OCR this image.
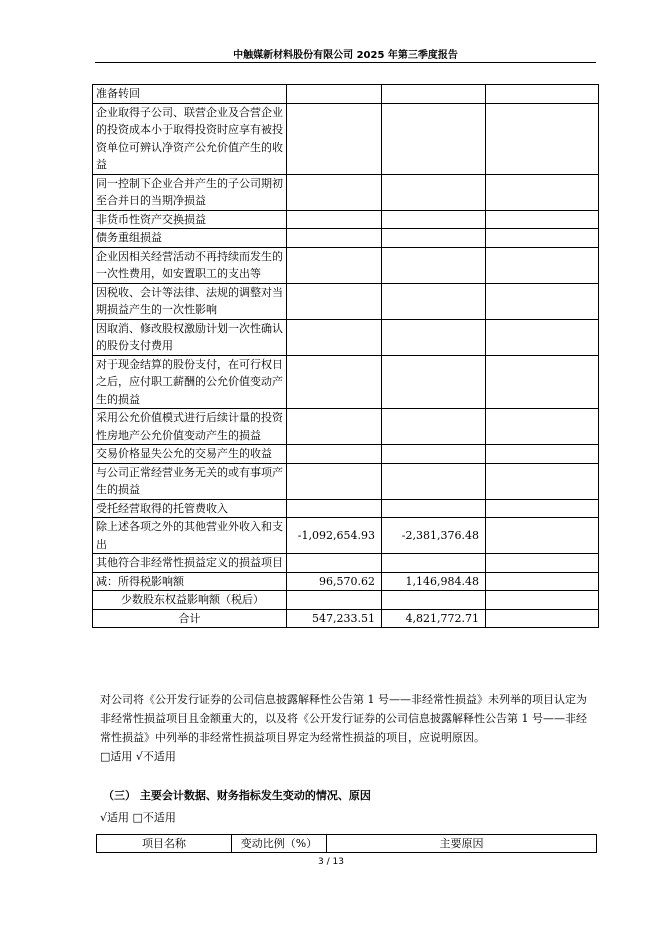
中触媒新材料股份有限公司 2025 年第三季度报告
准备转回			
企业取得子公司、联营企业及合营企业的投资成本小于取得投资时应享有被投资单位可辨认净资产公允价值产生的收益			
同一控制下企业合并产生的子公司期初至合并日的当期净损益			
非货币性资产交换损益			
债务重组损益			
企业因相关经营活动不再持续而发生的一次性费用，如安置职工的支出等			
因税收、会计等法律、法规的调整对当期损益产生的一次性影响			
因取消、修改股权激励计划一次性确认的股份支付费用			
对于现金结算的股份支付，在可行权日之后，应付职工薪酬的公允价值变动产生的损益			
采用公允价值模式进行后续计量的投资性房地产公允价值变动产生的损益			
交易价格显失公允的交易产生的收益			
与公司正常经营业务无关的或有事项产生的损益			
受托经营取得的托管费收入			
除上述各项之外的其他营业外收入和支出	-1,092,654.93	-2,381,376.48	
其他符合非经常性损益定义的损益项目			
减：所得税影响额	96,570.62	1,146,984.48	
少数股东权益影响额（税后）			
合计	547,233.51	4,821,772.71	
对公司将《公开发行证券的公司信息披露解释性公告第 1 号——非经常性损益》未列举的项目认定为非经常性损益项目且金额重大的，以及将《公开发行证券的公司信息披露解释性公告第 1 号——非经常性损益》中列举的非经常性损益项目界定为经常性损益的项目，应说明原因。
□适用 √不适用
（三） 主要会计数据、财务指标发生变动的情况、原因
√适用 □不适用
项目名称	变动比例（%）	主要原因
3 / 13
